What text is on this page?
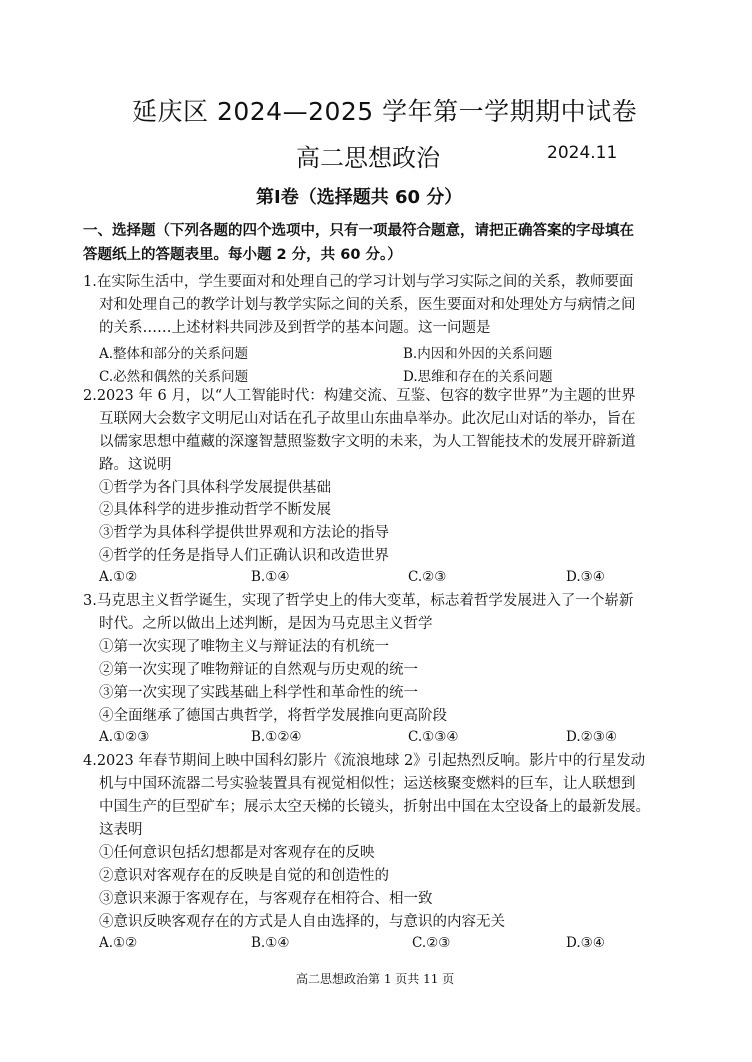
延庆区 2024—2025 学年第一学期期中试卷
高二思想政治	2024.11
第Ⅰ卷（选择题共 60 分）
一、选择题（下列各题的四个选项中，只有一项最符合题意，请把正确答案的字母填在
答题纸上的答题表里。每小题 2 分，共 60 分。）
1.在实际生活中，学生要面对和处理自己的学习计划与学习实际之间的关系，教师要面
对和处理自己的教学计划与教学实际之间的关系，医生要面对和处理处方与病情之间
的关系……上述材料共同涉及到哲学的基本问题。这一问题是
A.整体和部分的关系问题	B.内因和外因的关系问题
C.必然和偶然的关系问题	D.思维和存在的关系问题
2.2023 年 6 月，以“人工智能时代：构建交流、互鉴、包容的数字世界”为主题的世界
互联网大会数字文明尼山对话在孔子故里山东曲阜举办。此次尼山对话的举办，旨在
以儒家思想中蕴藏的深邃智慧照鉴数字文明的未来，为人工智能技术的发展开辟新道
路。这说明
①哲学为各门具体科学发展提供基础
②具体科学的进步推动哲学不断发展
③哲学为具体科学提供世界观和方法论的指导
④哲学的任务是指导人们正确认识和改造世界
A.①②	B.①④	C.②③	D.③④
3.马克思主义哲学诞生，实现了哲学史上的伟大变革，标志着哲学发展进入了一个崭新
时代。之所以做出上述判断，是因为马克思主义哲学
①第一次实现了唯物主义与辩证法的有机统一
②第一次实现了唯物辩证的自然观与历史观的统一
③第一次实现了实践基础上科学性和革命性的统一
④全面继承了德国古典哲学，将哲学发展推向更高阶段
A.①②③	B.①②④	C.①③④	D.②③④
4.2023 年春节期间上映中国科幻影片《流浪地球 2》引起热烈反响。影片中的行星发动
机与中国环流器二号实验装置具有视觉相似性；运送核聚变燃料的巨车，让人联想到
中国生产的巨型矿车；展示太空天梯的长镜头，折射出中国在太空设备上的最新发展。
这表明
①任何意识包括幻想都是对客观存在的反映
②意识对客观存在的反映是自觉的和创造性的
③意识来源于客观存在，与客观存在相符合、相一致
④意识反映客观存在的方式是人自由选择的，与意识的内容无关
A.①②	B.①④	C.②③	D.③④
高二思想政治第 1 页共 11 页
